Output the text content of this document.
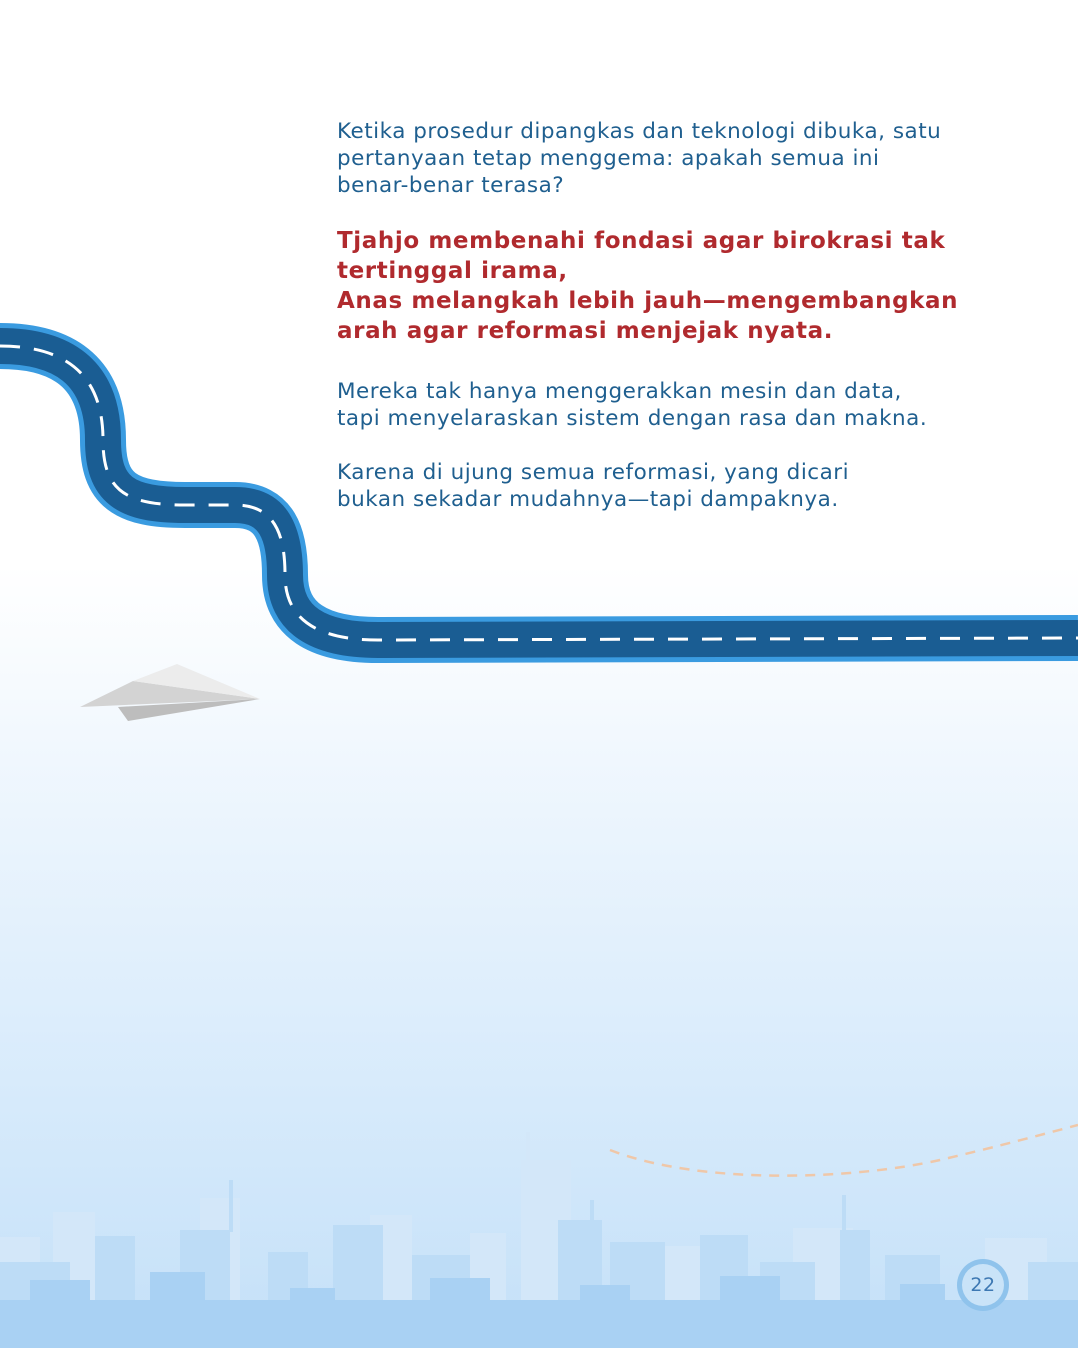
Ketika prosedur dipangkas dan teknologi dibuka, satu
pertanyaan tetap menggema: apakah semua ini
benar-benar terasa?

Tjahjo membenahi fondasi agar birokrasi tak
tertinggal irama,
Anas melangkah lebih jauh—mengembangkan
arah agar reformasi menjejak nyata.

Mereka tak hanya menggerakkan mesin dan data,
tapi menyelaraskan sistem dengan rasa dan makna.

Karena di ujung semua reformasi, yang dicari
bukan sekadar mudahnya—tapi dampaknya.

22
